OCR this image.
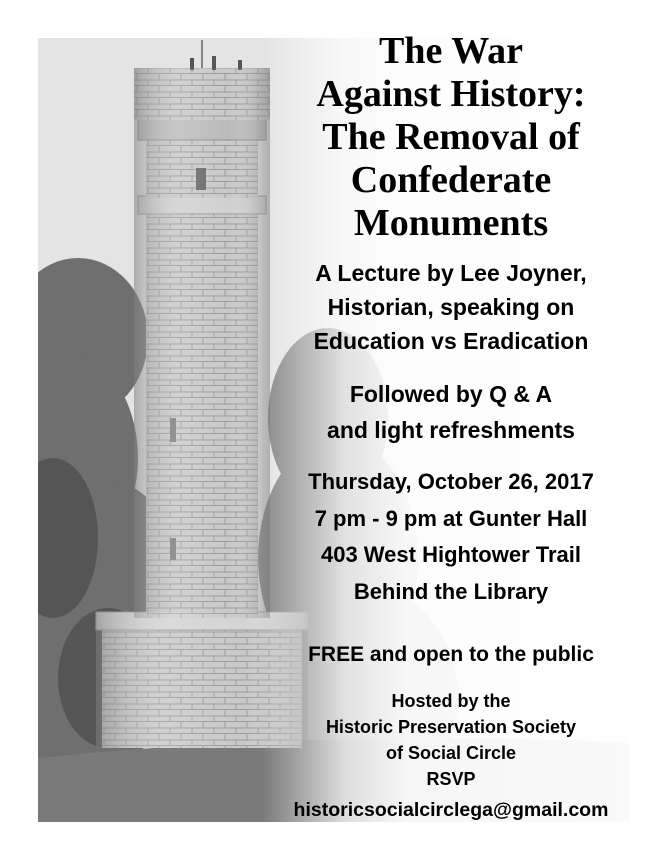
The War
Against History:
The Removal of
Confederate
Monuments
A Lecture by Lee Joyner,
Historian, speaking on
Education vs Eradication
Followed by Q & A
and light refreshments
Thursday, October 26, 2017
7 pm - 9 pm at Gunter Hall
403 West Hightower Trail
Behind the Library
FREE and open to the public
Hosted by the
Historic Preservation Society
of Social Circle
RSVP
historicsocialcirclega@gmail.com
